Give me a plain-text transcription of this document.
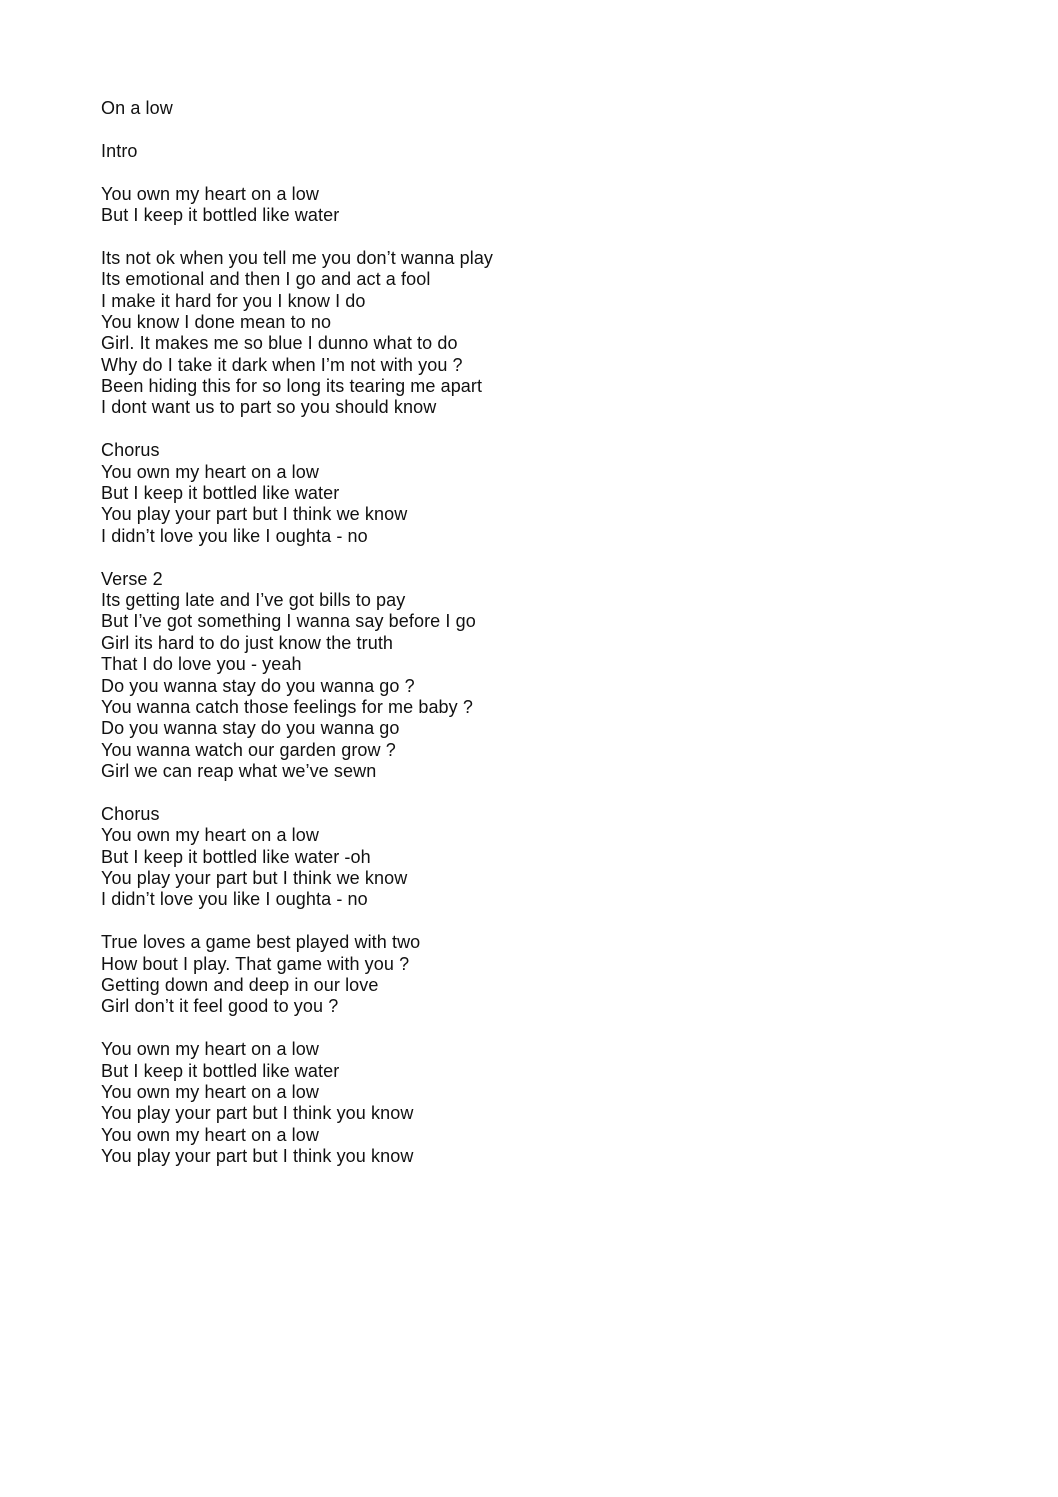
On a low
Intro
You own my heart on a low
But I keep it bottled like water
Its not ok when you tell me you don’t wanna play
Its emotional and then I go and act a fool
I make it hard for you I know I do
You know I done mean to no
Girl. It makes me so blue I dunno what to do
Why do I take it dark when I’m not with you ?
Been hiding this for so long its tearing me apart
I dont want us to part so you should know
Chorus
You own my heart on a low
But I keep it bottled like water
You play your part but I think we know
I didn’t love you like I oughta - no
Verse 2
Its getting late and I’ve got bills to pay
But I’ve got something I wanna say before I go
Girl its hard to do just know the truth
That I do love you - yeah
Do you wanna stay do you wanna go ?
You wanna catch those feelings for me baby ?
Do you wanna stay do you wanna go
You wanna watch our garden grow ?
Girl we can reap what we’ve sewn
Chorus
You own my heart on a low
But I keep it bottled like water -oh
You play your part but I think we know
I didn’t love you like I oughta - no
True loves a game best played with two
How bout I play. That game with you ?
Getting down and deep in our love
Girl don’t it feel good to you ?
You own my heart on a low
But I keep it bottled like water
You own my heart on a low
You play your part but I think you know
You own my heart on a low
You play your part but I think you know
